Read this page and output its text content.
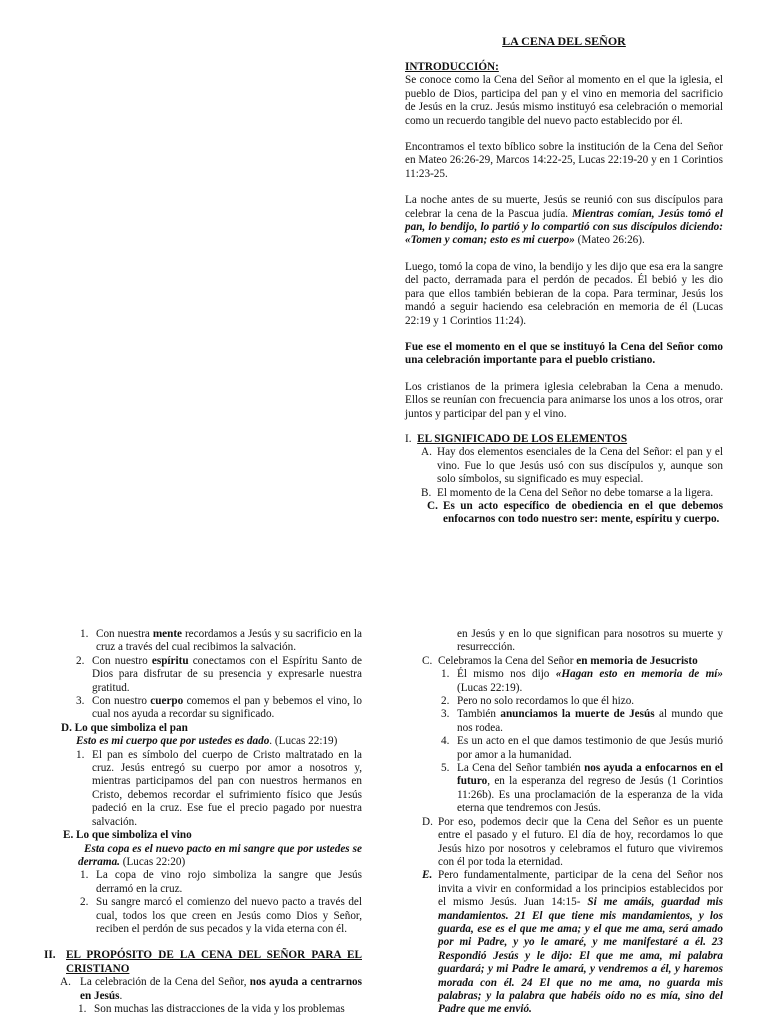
LA CENA DEL SEÑOR

INTRODUCCIÓN:

Se conoce como la Cena del Señor al momento en el que la iglesia, el pueblo de Dios, participa del pan y el vino en memoria del sacrificio de Jesús en la cruz. Jesús mismo instituyó esa celebración o memorial como un recuerdo tangible del nuevo pacto establecido por él.

Encontramos el texto bíblico sobre la institución de la Cena del Señor en Mateo 26:26-29, Marcos 14:22-25, Lucas 22:19-20 y en 1 Corintios 11:23-25.

La noche antes de su muerte, Jesús se reunió con sus discípulos para celebrar la cena de la Pascua judía. Mientras comían, Jesús tomó el pan, lo bendijo, lo partió y lo compartió con sus discípulos diciendo: «Tomen y coman; esto es mi cuerpo» (Mateo 26:26).

Luego, tomó la copa de vino, la bendijo y les dijo que esa era la sangre del pacto, derramada para el perdón de pecados. Él bebió y les dio para que ellos también bebieran de la copa. Para terminar, Jesús los mandó a seguir haciendo esa celebración en memoria de él (Lucas 22:19 y 1 Corintios 11:24).

Fue ese el momento en el que se instituyó la Cena del Señor como una celebración importante para el pueblo cristiano.

Los cristianos de la primera iglesia celebraban la Cena a menudo. Ellos se reunían con frecuencia para animarse los unos a los otros, orar juntos y participar del pan y el vino.

I. EL SIGNIFICADO DE LOS ELEMENTOS

A. Hay dos elementos esenciales de la Cena del Señor: el pan y el vino. Fue lo que Jesús usó con sus discípulos y, aunque son solo símbolos, su significado es muy especial.
B. El momento de la Cena del Señor no debe tomarse a la ligera.
C. Es un acto específico de obediencia en el que debemos enfocarnos con todo nuestro ser: mente, espíritu y cuerpo.
1. Con nuestra mente recordamos a Jesús y su sacrificio en la cruz a través del cual recibimos la salvación.
2. Con nuestro espíritu conectamos con el Espíritu Santo de Dios para disfrutar de su presencia y expresarle nuestra gratitud.
3. Con nuestro cuerpo comemos el pan y bebemos el vino, lo cual nos ayuda a recordar su significado.

D. Lo que simboliza el pan

Esto es mi cuerpo que por ustedes es dado. (Lucas 22:19)

1. El pan es símbolo del cuerpo de Cristo maltratado en la cruz. Jesús entregó su cuerpo por amor a nosotros y, mientras participamos del pan con nuestros hermanos en Cristo, debemos recordar el sufrimiento físico que Jesús padeció en la cruz. Ese fue el precio pagado por nuestra salvación.

E. Lo que simboliza el vino

Esta copa es el nuevo pacto en mi sangre que por ustedes se derrama. (Lucas 22:20)

1. La copa de vino rojo simboliza la sangre que Jesús derramó en la cruz.
2. Su sangre marcó el comienzo del nuevo pacto a través del cual, todos los que creen en Jesús como Dios y Señor, reciben el perdón de sus pecados y la vida eterna con él.
II. EL PROPÓSITO DE LA CENA DEL SEÑOR PARA EL CRISTIANO
A. La celebración de la Cena del Señor, nos ayuda a centrarnos en Jesús.
1. Son muchas las distracciones de la vida y los problemas

en Jesús y en lo que significan para nosotros su muerte y resurrección.

C. Celebramos la Cena del Señor en memoria de Jesucristo
1. Él mismo nos dijo «Hagan esto en memoria de mí» (Lucas 22:19).
2. Pero no solo recordamos lo que él hizo.
3. También anunciamos la muerte de Jesús al mundo que nos rodea.
4. Es un acto en el que damos testimonio de que Jesús murió por amor a la humanidad.
5. La Cena del Señor también nos ayuda a enfocarnos en el futuro, en la esperanza del regreso de Jesús (1 Corintios 11:26b). Es una proclamación de la esperanza de la vida eterna que tendremos con Jesús.
D. Por eso, podemos decir que la Cena del Señor es un puente entre el pasado y el futuro. El día de hoy, recordamos lo que Jesús hizo por nosotros y celebramos el futuro que viviremos con él por toda la eternidad.
E. Pero fundamentalmente, participar de la cena del Señor nos invita a vivir en conformidad a los principios establecidos por el mismo Jesús. Juan 14:15- Si me amáis, guardad mis mandamientos. 21 El que tiene mis mandamientos, y los guarda, ese es el que me ama; y el que me ama, será amado por mi Padre, y yo le amaré, y me manifestaré a él. 23 Respondió Jesús y le dijo: El que me ama, mi palabra guardará; y mi Padre le amará, y vendremos a él, y haremos morada con él. 24 El que no me ama, no guarda mis palabras; y la palabra que habéis oído no es mía, sino del Padre que me envió.
